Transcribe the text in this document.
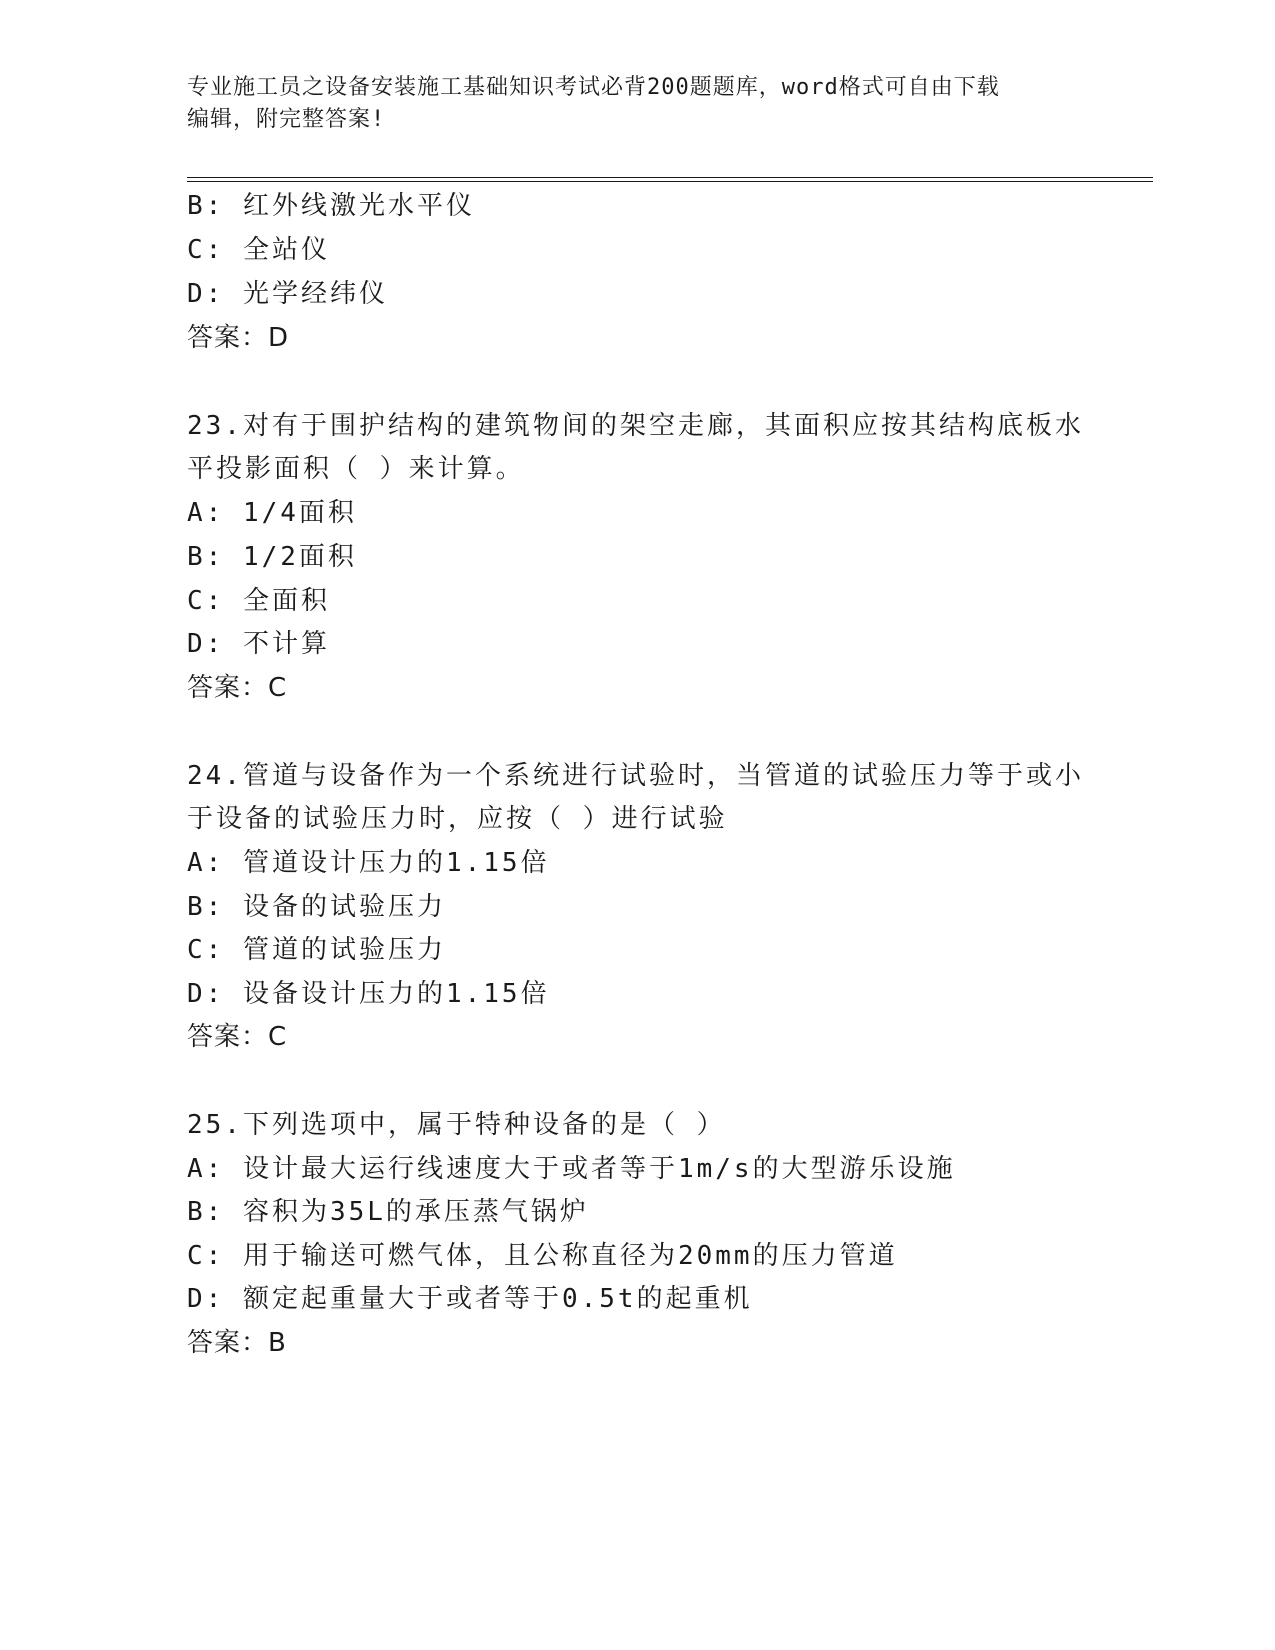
专业施工员之设备安装施工基础知识考试必背200题题库，word格式可自由下载
编辑，附完整答案!
B: 红外线激光水平仪
C: 全站仪
D: 光学经纬仪
答案：D
23.对有于围护结构的建筑物间的架空走廊，其面积应按其结构底板水
平投影面积（ ）来计算。
A: 1/4面积
B: 1/2面积
C: 全面积
D: 不计算
答案：C
24.管道与设备作为一个系统进行试验时，当管道的试验压力等于或小
于设备的试验压力时，应按（ ）进行试验
A: 管道设计压力的1.15倍
B: 设备的试验压力
C: 管道的试验压力
D: 设备设计压力的1.15倍
答案：C
25.下列选项中，属于特种设备的是（ ）
A: 设计最大运行线速度大于或者等于1m/s的大型游乐设施
B: 容积为35L的承压蒸气锅炉
C: 用于输送可燃气体，且公称直径为20mm的压力管道
D: 额定起重量大于或者等于0.5t的起重机
答案：B
